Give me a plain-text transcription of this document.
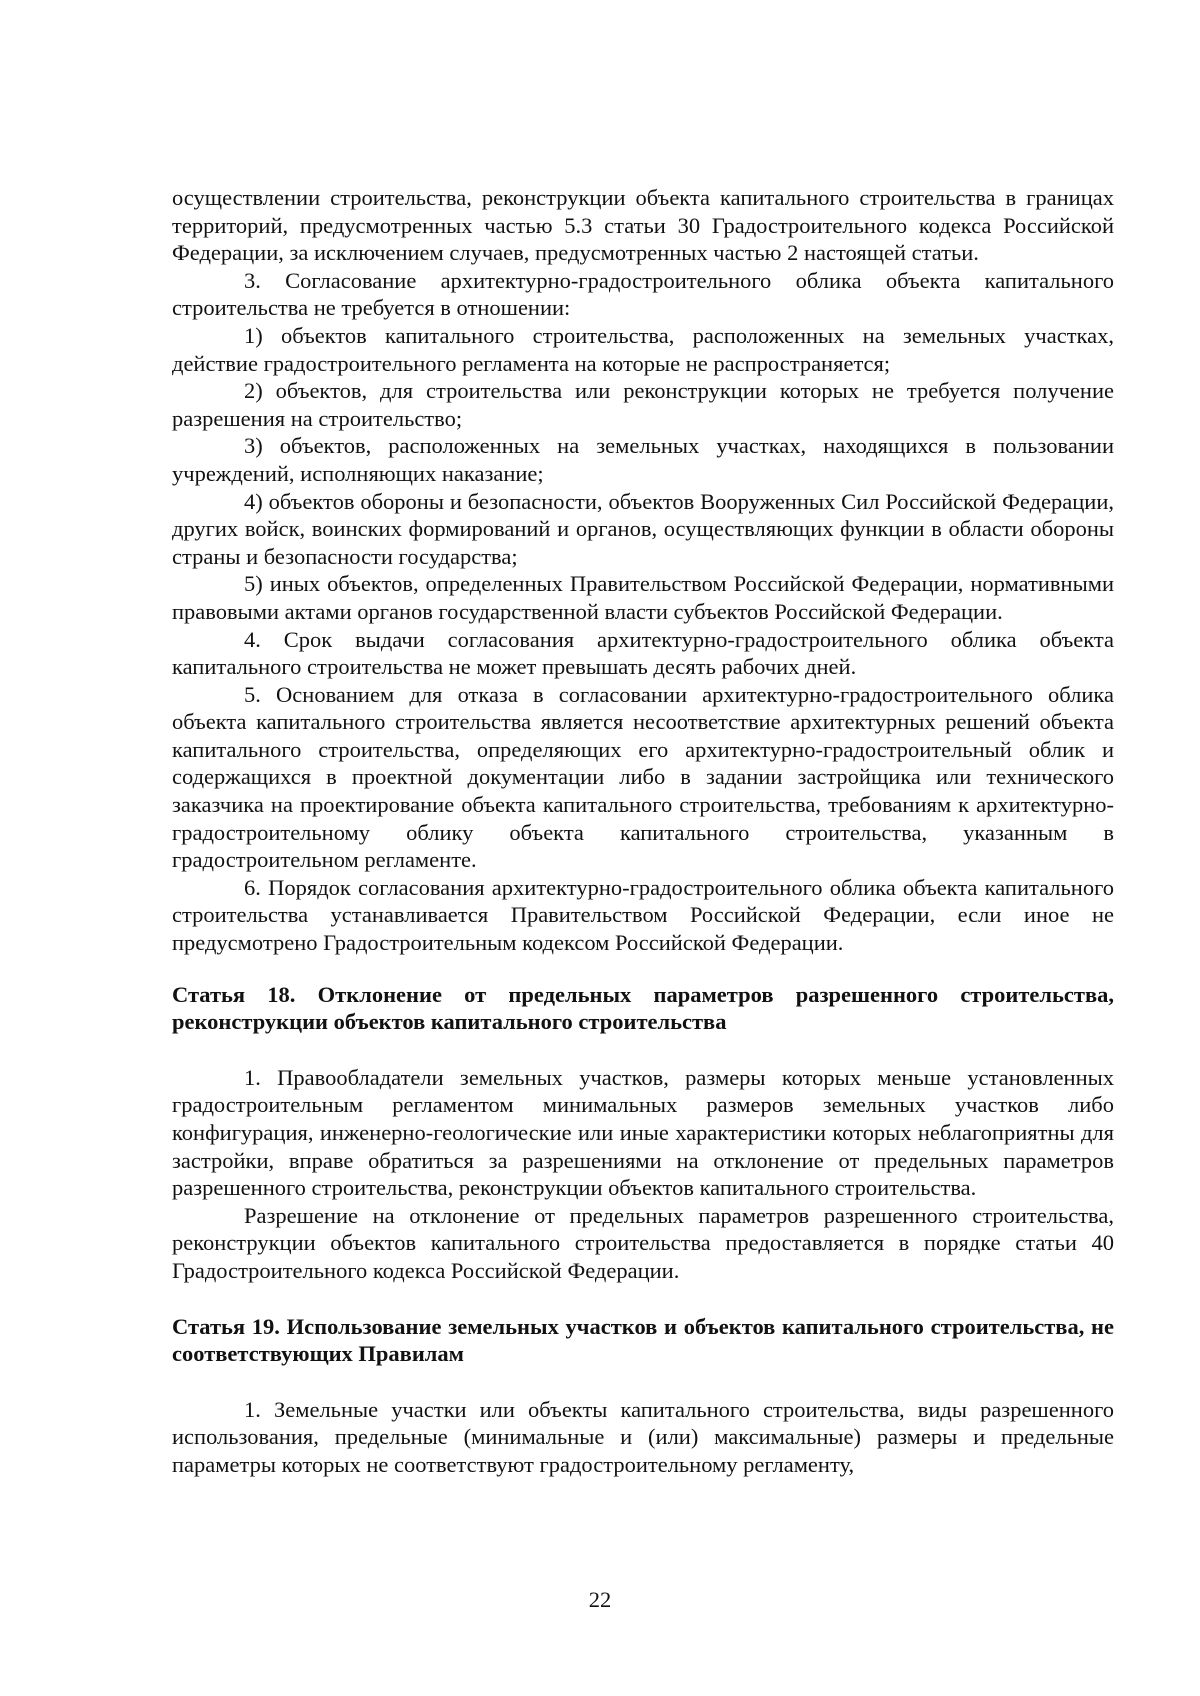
осуществлении строительства, реконструкции объекта капитального строительства в границах территорий, предусмотренных частью 5.3 статьи 30 Градостроительного кодекса Российской Федерации, за исключением случаев, предусмотренных частью 2 настоящей статьи.

3. Согласование архитектурно-градостроительного облика объекта капитального строительства не требуется в отношении:

1) объектов капитального строительства, расположенных на земельных участках, действие градостроительного регламента на которые не распространяется;

2) объектов, для строительства или реконструкции которых не требуется получение разрешения на строительство;

3) объектов, расположенных на земельных участках, находящихся в пользовании учреждений, исполняющих наказание;

4) объектов обороны и безопасности, объектов Вооруженных Сил Российской Федерации, других войск, воинских формирований и органов, осуществляющих функции в области обороны страны и безопасности государства;

5) иных объектов, определенных Правительством Российской Федерации, нормативными правовыми актами органов государственной власти субъектов Российской Федерации.

4. Срок выдачи согласования архитектурно-градостроительного облика объекта капитального строительства не может превышать десять рабочих дней.

5. Основанием для отказа в согласовании архитектурно-градостроительного облика объекта капитального строительства является несоответствие архитектурных решений объекта капитального строительства, определяющих его архитектурно-градостроительный облик и содержащихся в проектной документации либо в задании застройщика или технического заказчика на проектирование объекта капитального строительства, требованиям к архитектурно-градостроительному облику объекта капитального строительства, указанным в градостроительном регламенте.

6. Порядок согласования архитектурно-градостроительного облика объекта капитального строительства устанавливается Правительством Российской Федерации, если иное не предусмотрено Градостроительным кодексом Российской Федерации.

Статья 18. Отклонение от предельных параметров разрешенного строительства, реконструкции объектов капитального строительства

1. Правообладатели земельных участков, размеры которых меньше установленных градостроительным регламентом минимальных размеров земельных участков либо конфигурация, инженерно-геологические или иные характеристики которых неблагоприятны для застройки, вправе обратиться за разрешениями на отклонение от предельных параметров разрешенного строительства, реконструкции объектов капитального строительства.

Разрешение на отклонение от предельных параметров разрешенного строительства, реконструкции объектов капитального строительства предоставляется в порядке статьи 40 Градостроительного кодекса Российской Федерации.

Статья 19. Использование земельных участков и объектов капитального строительства, не соответствующих Правилам

1. Земельные участки или объекты капитального строительства, виды разрешенного использования, предельные (минимальные и (или) максимальные) размеры и предельные параметры которых не соответствуют градостроительному регламенту,

22
